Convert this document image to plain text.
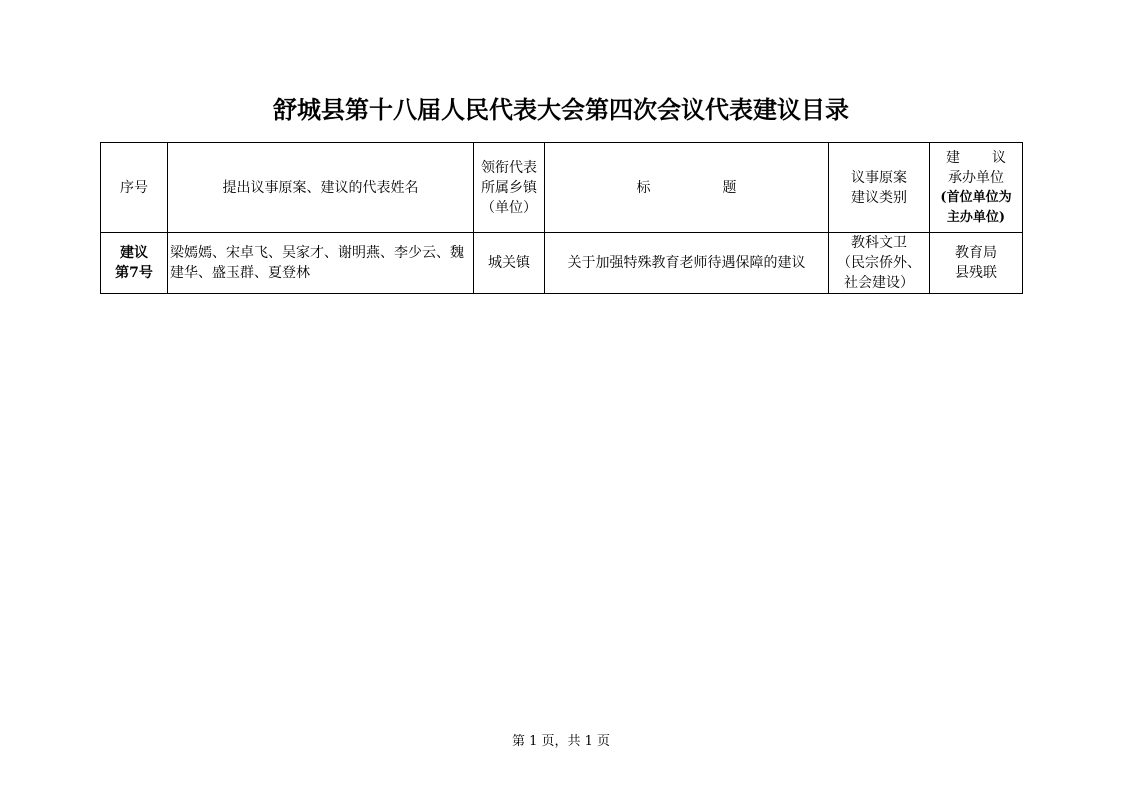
舒城县第十八届人民代表大会第四次会议代表建议目录
序号	提出议事原案、建议的代表姓名	领衔代表
所属乡镇
（单位）	标 题	议事原案
建议类别	建 议
承办单位
(首位单位为
主办单位)

建议
第7号	梁嫣嫣、宋卓飞、吴家才、谢明燕、李少云、魏建华、盛玉群、夏登林	城关镇	关于加强特殊教育老师待遇保障的建议	教科文卫
（民宗侨外、
社会建设）	教育局
县残联
第 1 页，共 1 页
